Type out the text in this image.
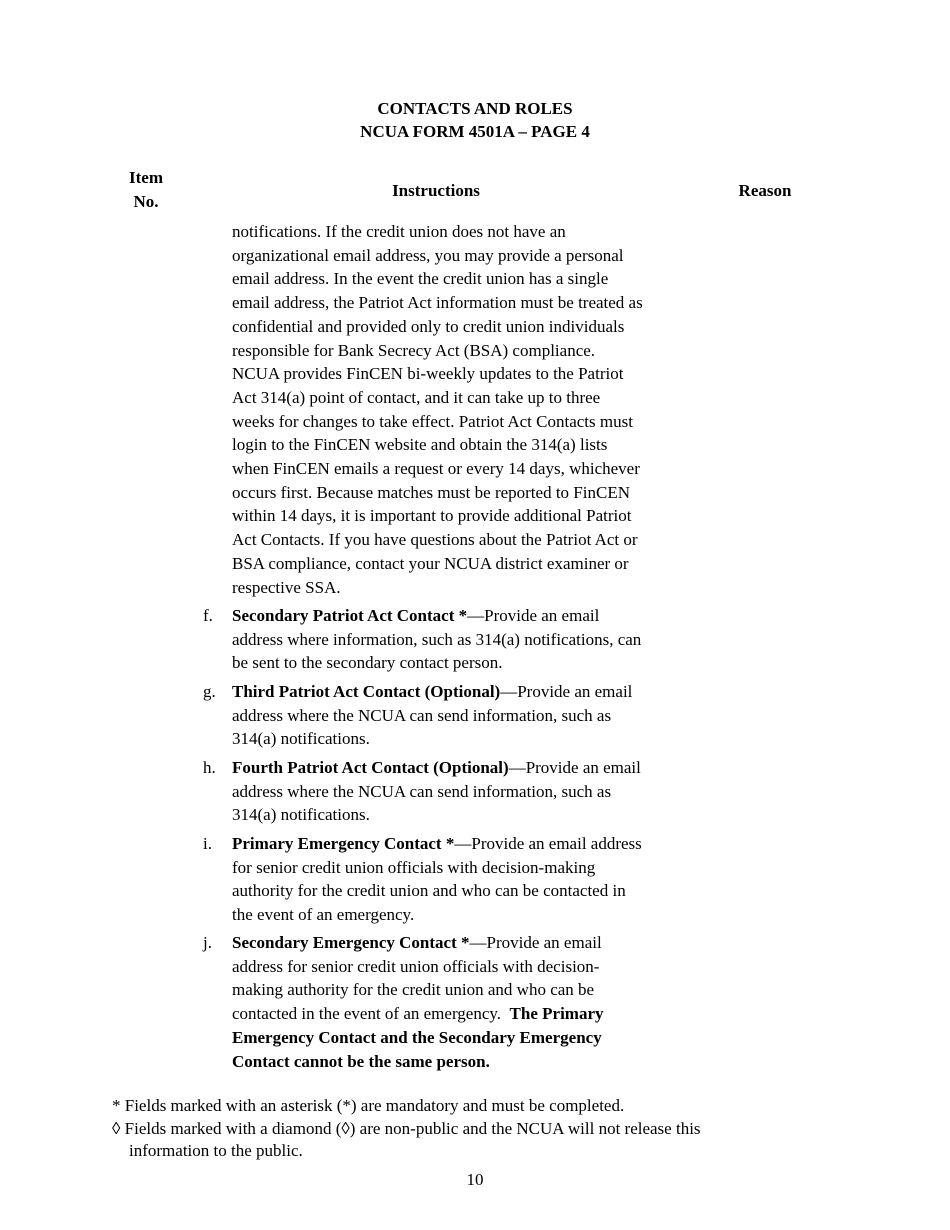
CONTACTS AND ROLES
NCUA FORM 4501A – PAGE 4
Item
No.
Instructions	Reason
notifications. If the credit union does not have an
organizational email address, you may provide a personal
email address. In the event the credit union has a single
email address, the Patriot Act information must be treated as
confidential and provided only to credit union individuals
responsible for Bank Secrecy Act (BSA) compliance.
NCUA provides FinCEN bi-weekly updates to the Patriot
Act 314(a) point of contact, and it can take up to three
weeks for changes to take effect. Patriot Act Contacts must
login to the FinCEN website and obtain the 314(a) lists
when FinCEN emails a request or every 14 days, whichever
occurs first. Because matches must be reported to FinCEN
within 14 days, it is important to provide additional Patriot
Act Contacts. If you have questions about the Patriot Act or
BSA compliance, contact your NCUA district examiner or
respective SSA.
f.	Secondary Patriot Act Contact *—Provide an email
address where information, such as 314(a) notifications, can
be sent to the secondary contact person.
g. Third Patriot Act Contact (Optional)—Provide an email
address where the NCUA can send information, such as
314(a) notifications.
h. Fourth Patriot Act Contact (Optional)—Provide an email
address where the NCUA can send information, such as
314(a) notifications.
i.	Primary Emergency Contact *—Provide an email address
for senior credit union officials with decision-making
authority for the credit union and who can be contacted in
the event of an emergency.
j.	Secondary Emergency Contact *—Provide an email
address for senior credit union officials with decision-
making authority for the credit union and who can be
contacted in the event of an emergency.  The Primary
Emergency Contact and the Secondary Emergency
Contact cannot be the same person.
* Fields marked with an asterisk (*) are mandatory and must be completed.
◊ Fields marked with a diamond (◊) are non-public and the NCUA will not release this
information to the public.
10
